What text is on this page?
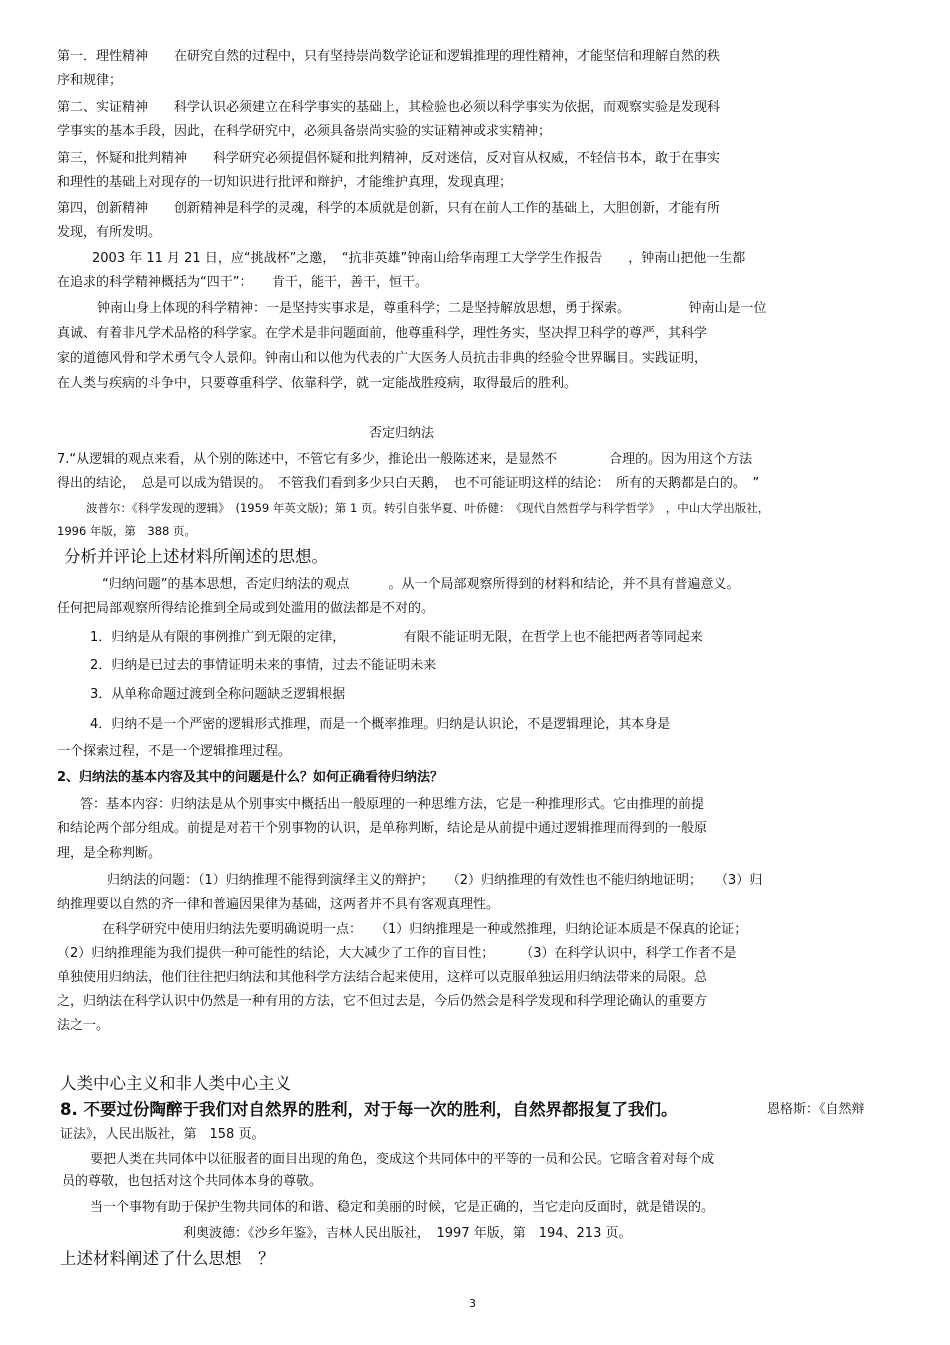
第一．理性精神　　在研究自然的过程中，只有坚持崇尚数学论证和逻辑推理的理性精神，才能坚信和理解自然的秩
序和规律；
第二、实证精神　　科学认识必须建立在科学事实的基础上，其检验也必须以科学事实为依据，而观察实验是发现科
学事实的基本手段，因此，在科学研究中，必须具备崇尚实验的实证精神或求实精神；
第三，怀疑和批判精神　　科学研究必须提倡怀疑和批判精神，反对迷信，反对盲从权威，不轻信书本，敢于在事实
和理性的基础上对现存的一切知识进行批评和辩护，才能维护真理，发现真理；
第四，创新精神　　创新精神是科学的灵魂，科学的本质就是创新，只有在前人工作的基础上，大胆创新，才能有所
发现，有所发明。
2003 年 11 月 21 日，应“挑战杯”之邀，　“抗非英雄”钟南山给华南理工大学学生作报告　　，钟南山把他一生都
在追求的科学精神概括为“四干”：　　肯干，能干，善干，恒干。
钟南山身上体现的科学精神：一是坚持实事求是，尊重科学；二是坚持解放思想，勇于探索。　　　　　钟南山是一位
真诚、有着非凡学术品格的科学家。在学术是非问题面前，他尊重科学，理性务实，坚决捍卫科学的尊严，其科学
家的道德风骨和学术勇气令人景仰。钟南山和以他为代表的广大医务人员抗击非典的经验令世界瞩目。实践证明，
在人类与疾病的斗争中，只要尊重科学、依靠科学，就一定能战胜疫病，取得最后的胜利。
否定归纳法
7.“从逻辑的观点来看，从个别的陈述中，不管它有多少，推论出一般陈述来，是显然不　　　　合理的。因为用这个方法
得出的结论，　总是可以成为错误的。　不管我们看到多少只白天鹅，　也不可能证明这样的结论：　所有的天鹅都是白的。　”
波普尔：《科学发现的逻辑》　(1959 年英文版)；第 1 页。转引自张华夏、叶侨健：　《现代自然哲学与科学哲学》　，中山大学出版社，
1996 年版，第　388 页。
分析并评论上述材料所阐述的思想。
“归纳问题”的基本思想，否定归纳法的观点　　　。从一个局部观察所得到的材料和结论，并不具有普遍意义。
任何把局部观察所得结论推到全局或到处滥用的做法都是不对的。
1．归纳是从有限的事例推广到无限的定律，　　　　　有限不能证明无限，在哲学上也不能把两者等同起来
2．归纳是已过去的事情证明未来的事情，过去不能证明未来
3．从单称命题过渡到全称问题缺乏逻辑根据
4．归纳不是一个严密的逻辑形式推理，而是一个概率推理。归纳是认识论，不是逻辑理论，其本身是
一个探索过程，不是一个逻辑推理过程。
2、归纳法的基本内容及其中的问题是什么？如何正确看待归纳法？
答：基本内容：归纳法是从个别事实中概括出一般原理的一种思维方法，它是一种推理形式。它由推理的前提
和结论两个部分组成。前提是对若干个别事物的认识，是单称判断，结论是从前提中通过逻辑推理而得到的一般原
理，是全称判断。
归纳法的问题：（1）归纳推理不能得到演绎主义的辩护；　　（2）归纳推理的有效性也不能归纳地证明；　　（3）归
纳推理要以自然的齐一律和普遍因果律为基础，这两者并不具有客观真理性。
在科学研究中使用归纳法先要明确说明一点：　　（1）归纳推理是一种或然推理，归纳论证本质是不保真的论证；
（2）归纳推理能为我们提供一种可能性的结论，大大减少了工作的盲目性；　　　（3）在科学认识中，科学工作者不是
单独使用归纳法，他们往往把归纳法和其他科学方法结合起来使用，这样可以克服单独运用归纳法带来的局限。总
之，归纳法在科学认识中仍然是一种有用的方法，它不但过去是，今后仍然会是科学发现和科学理论确认的重要方
法之一。
人类中心主义和非人类中心主义
8. 不要过份陶醉于我们对自然界的胜利，对于每一次的胜利，自然界都报复了我们。	恩格斯：《自然辩
证法》，人民出版社，第　158 页。
要把人类在共同体中以征服者的面目出现的角色，变成这个共同体中的平等的一员和公民。它暗含着对每个成
员的尊敬，也包括对这个共同体本身的尊敬。
当一个事物有助于保护生物共同体的和谐、稳定和美丽的时候，它是正确的，当它走向反面时，就是错误的。
利奥波德：《沙乡年鉴》，吉林人民出版社，　1997 年版，第　194、213 页。
上述材料阐述了什么思想　？
3
